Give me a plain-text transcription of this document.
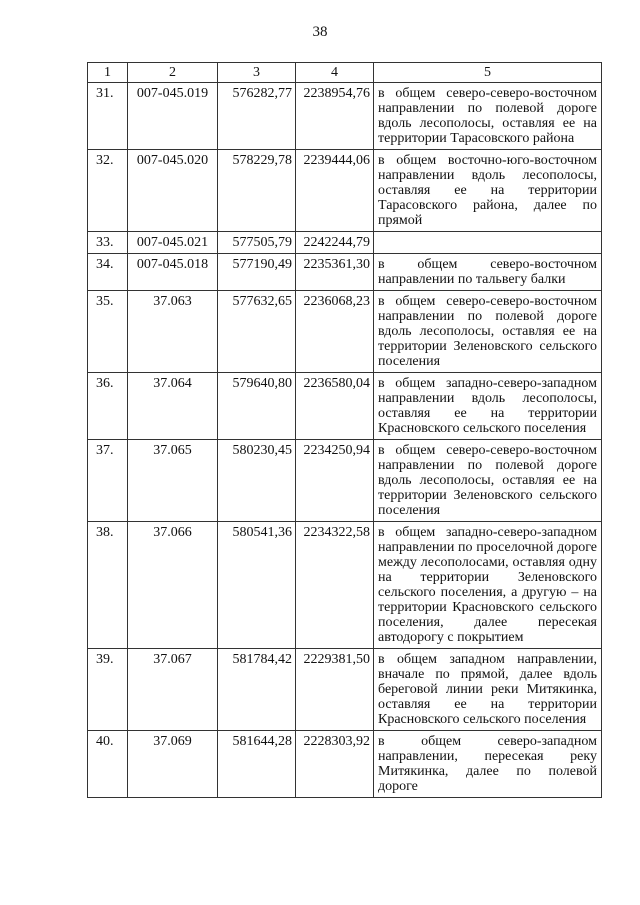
38
1	2	3	4	5
31.	007-045.019	576282,77	2238954,76	в общем северо-северо-восточном направлении по полевой дороге вдоль лесополосы, оставляя ее на территории Тарасовского района
32.	007-045.020	578229,78	2239444,06	в общем восточно-юго-восточном направлении вдоль лесополосы, оставляя ее на территории Тарасовского района, далее по прямой
33.	007-045.021	577505,79	2242244,79	
34.	007-045.018	577190,49	2235361,30	в общем северо-восточном направлении по тальвегу балки
35.	37.063	577632,65	2236068,23	в общем северо-северо-восточном направлении по полевой дороге вдоль лесополосы, оставляя ее на территории Зеленовского сельского поселения
36.	37.064	579640,80	2236580,04	в общем западно-северо-западном направлении вдоль лесополосы, оставляя ее на территории Красновского сельского поселения
37.	37.065	580230,45	2234250,94	в общем северо-северо-восточном направлении по полевой дороге вдоль лесополосы, оставляя ее на территории Зеленовского сельского поселения
38.	37.066	580541,36	2234322,58	в общем западно-северо-западном направлении по проселочной дороге между лесополосами, оставляя одну на территории Зеленовского сельского поселения, а другую – на территории Красновского сельского поселения, далее пересекая автодорогу с покрытием
39.	37.067	581784,42	2229381,50	в общем западном направлении, вначале по прямой, далее вдоль береговой линии реки Митякинка, оставляя ее на территории Красновского сельского поселения
40.	37.069	581644,28	2228303,92	в общем северо-западном направлении, пересекая реку Митякинка, далее по полевой дороге
